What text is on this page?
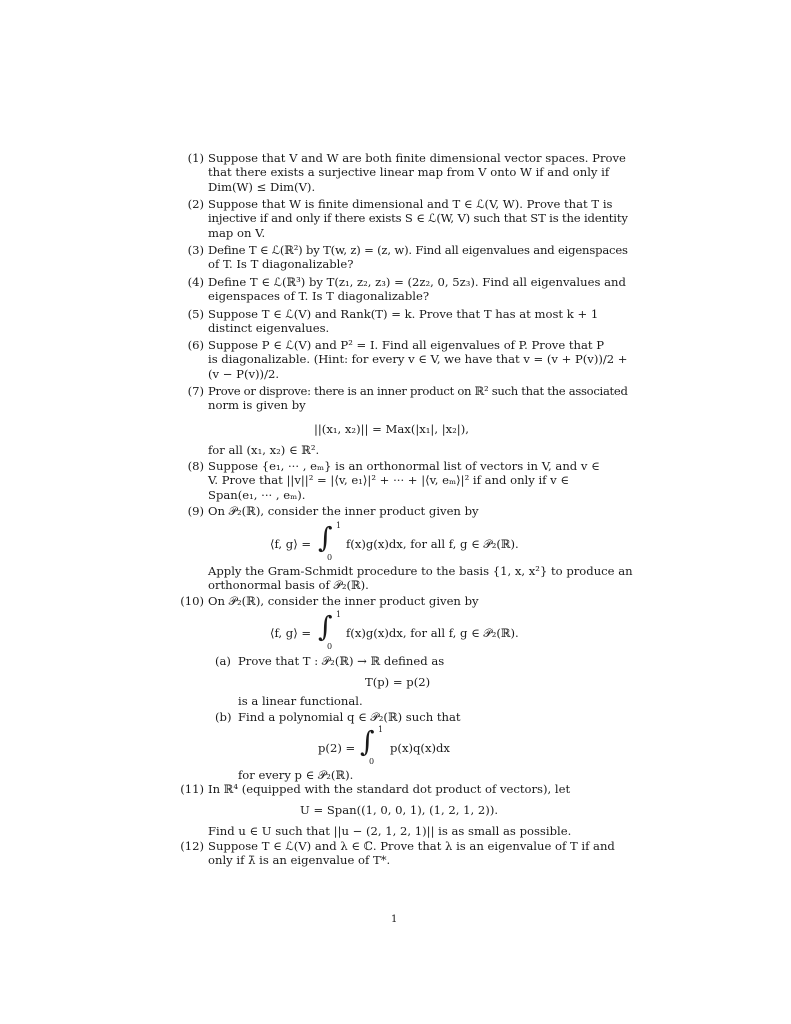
(1) Suppose that V and W are both finite dimensional vector spaces. Prove
that there exists a surjective linear map from V onto W if and only if
Dim(W) ≤ Dim(V).
(2) Suppose that W is finite dimensional and T ∈ ℒ(V, W). Prove that T is
injective if and only if there exists S ∈ ℒ(W, V) such that ST is the identity
map on V.
(3) Define T ∈ ℒ(ℝ²) by T(w, z) = (z, w). Find all eigenvalues and eigenspaces
of T. Is T diagonalizable?
(4) Define T ∈ ℒ(ℝ³) by T(z₁, z₂, z₃) = (2z₂, 0, 5z₃). Find all eigenvalues and
eigenspaces of T. Is T diagonalizable?
(5) Suppose T ∈ ℒ(V) and Rank(T) = k. Prove that T has at most k + 1
distinct eigenvalues.
(6) Suppose P ∈ ℒ(V) and P² = I. Find all eigenvalues of P. Prove that P
is diagonalizable. (Hint: for every v ∈ V, we have that v = (v + P(v))/2 +
(v − P(v))/2.
(7) Prove or disprove: there is an inner product on ℝ² such that the associated
norm is given by
||(x₁, x₂)|| = Max(|x₁|, |x₂|),
for all (x₁, x₂) ∈ ℝ².
(8) Suppose {e₁, ··· , eₘ} is an orthonormal list of vectors in V, and v ∈
V. Prove that ||v||² = |⟨v, e₁⟩|² + ··· + |⟨v, eₘ⟩|² if and only if v ∈
Span(e₁, ··· , eₘ).
(9) On 𝒫₂(ℝ), consider the inner product given by
⟨f, g⟩ = ∫ 1
0
f(x)g(x)dx, for all f, g ∈ 𝒫₂(ℝ).
Apply the Gram-Schmidt procedure to the basis {1, x, x²} to produce an
orthonormal basis of 𝒫₂(ℝ).
(10) On 𝒫₂(ℝ), consider the inner product given by
⟨f, g⟩ = ∫ 1
0
f(x)g(x)dx, for all f, g ∈ 𝒫₂(ℝ).
(a) Prove that T : 𝒫₂(ℝ) → ℝ defined as
T(p) = p(2)
is a linear functional.
(b) Find a polynomial q ∈ 𝒫₂(ℝ) such that
p(2) = ∫ 1
0
p(x)q(x)dx
for every p ∈ 𝒫₂(ℝ).
(11) In ℝ⁴ (equipped with the standard dot product of vectors), let
U = Span((1, 0, 0, 1), (1, 2, 1, 2)).
Find u ∈ U such that ||u − (2, 1, 2, 1)|| is as small as possible.
(12) Suppose T ∈ ℒ(V) and λ ∈ ℂ. Prove that λ is an eigenvalue of T if and
only if λ̄ is an eigenvalue of T*.
1
